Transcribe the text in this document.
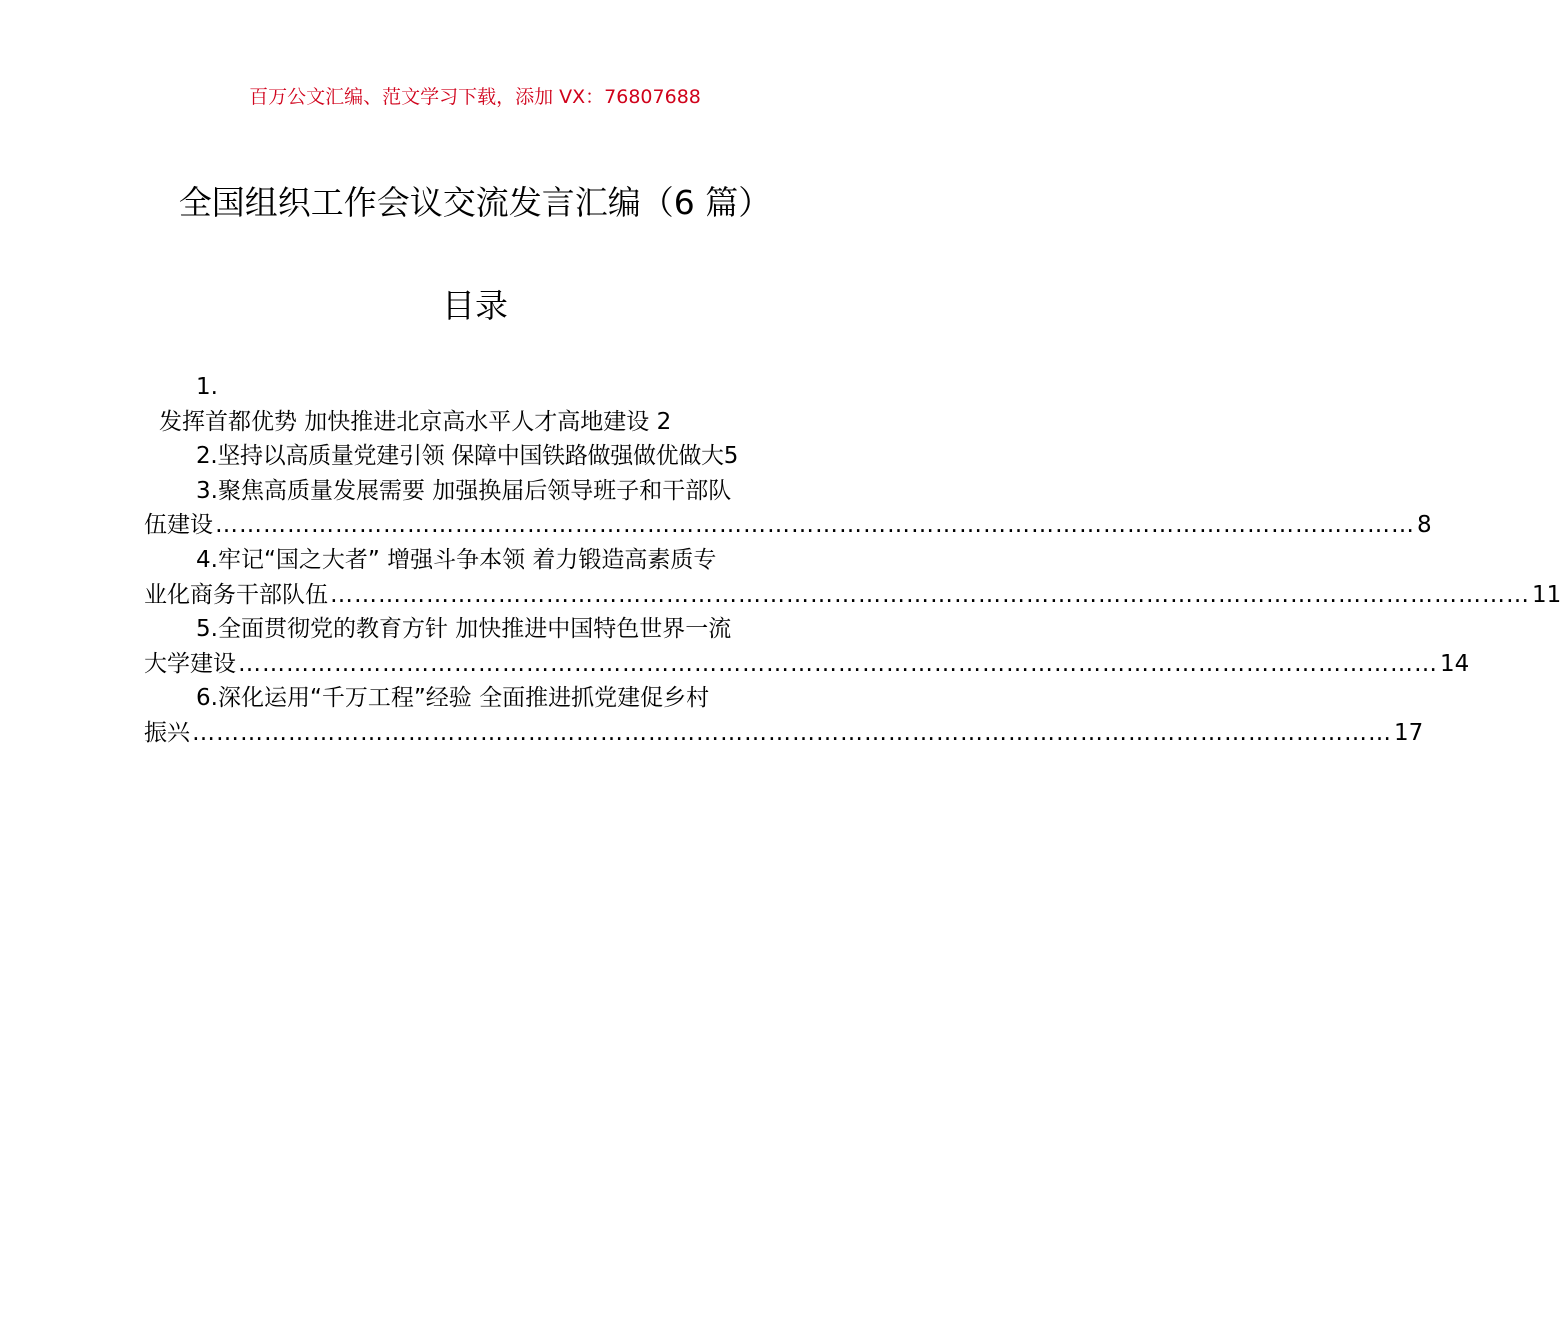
百万公文汇编、范文学习下载，添加 VX：76807688
全国组织工作会议交流发言汇编（6 篇）
目录
1.
发挥首都优势 加快推进北京高水平人才高地建设 2
2.坚持以高质量党建引领 保障中国铁路做强做优做大5
3.聚焦高质量发展需要 加强换届后领导班子和干部队
伍建设 …………………………………………………………………………………………………………………………………… 8
4.牢记“国之大者” 增强斗争本领 着力锻造高素质专
业化商务干部队伍 …………………………………………………………………………………………………………………………………… 11
5.全面贯彻党的教育方针 加快推进中国特色世界一流
大学建设 …………………………………………………………………………………………………………………………………… 14
6.深化运用“千万工程”经验 全面推进抓党建促乡村
振兴 …………………………………………………………………………………………………………………………………… 17
